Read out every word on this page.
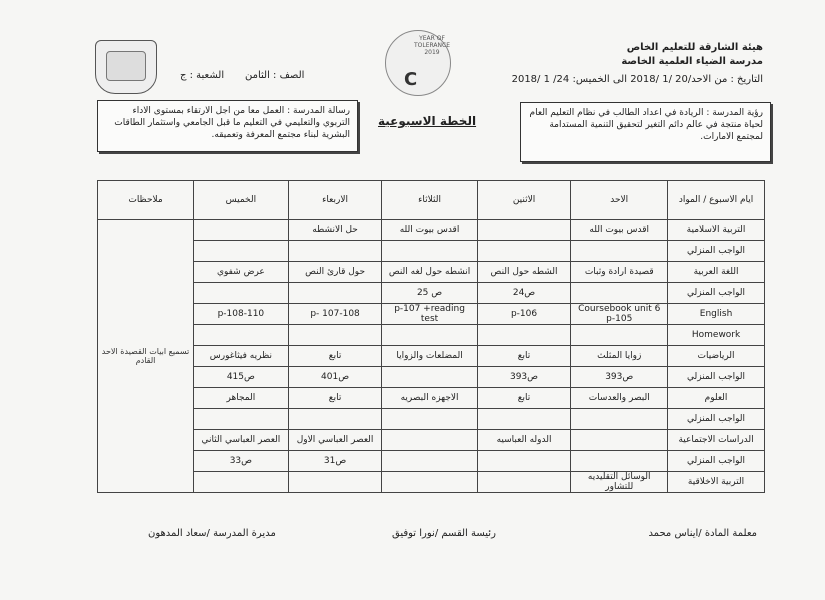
هيئة الشارقة للتعليم الخاص
مدرسة الضياء العلمية الخاصة
التاريخ : من الاحد/20 /1 /2018 الى الخميس: 24/ 1 /2018
الصف : الثامن
الشعبة : ج
YEAR OF TOLERANCE 2019
C
الخطة الاسبوعية
رؤية المدرسة : الريادة في اعداد الطالب في نظام التعليم العام لحياة منتجة في عالم دائم التغير لتحقيق التنمية المستدامة لمجتمع الامارات.
رسالة المدرسة : العمل معا من اجل الارتقاء بمستوى الاداء التربوي والتعليمي في التعليم ما قبل الجامعي واستثمار الطاقات البشرية لبناء مجتمع المعرفة وتعميقه.
ايام الاسبوع / المواد	الاحد	الاثنين	الثلاثاء	الاربعاء	الخميس	ملاحظات
التربية الاسلامية	اقدس بيوت الله		اقدس بيوت الله	حل الانشطه		تسميع ابيات القصيدة الاحد القادم
الواجب المنزلي						
اللغة العربية	قصيدة ارادة وثبات	الشطه حول النص	انشطه حول لغه النص	حول قارئ النص	عرض شفوي	
الواجب المنزلي		ص24	ص 25			
English	Coursebook unit 6 p-105	p-106	p-107 +reading test	p- 107-108	p-108-110	
Homework						
الرياضيات	زوايا المثلث	تابع	المضلعات والزوايا	تابع	نظريه فيثاغورس	
الواجب المنزلي	ص393	ص393		ص401	ص415	
العلوم	البصر والعدسات	تابع	الاجهزه البصريه	تابع	المجاهر	
الواجب المنزلي						
الدراسات الاجتماعية		الدوله العباسيه		العصر العباسي الاول	العصر العباسي الثاني	
الواجب المنزلي				ص31	ص33	
التربية الاخلاقية	الوسائل التقليديه للتشاور					
معلمة المادة /ايناس محمد
رئيسة القسم /نورا توفيق
مديرة المدرسة /سعاد المدهون
